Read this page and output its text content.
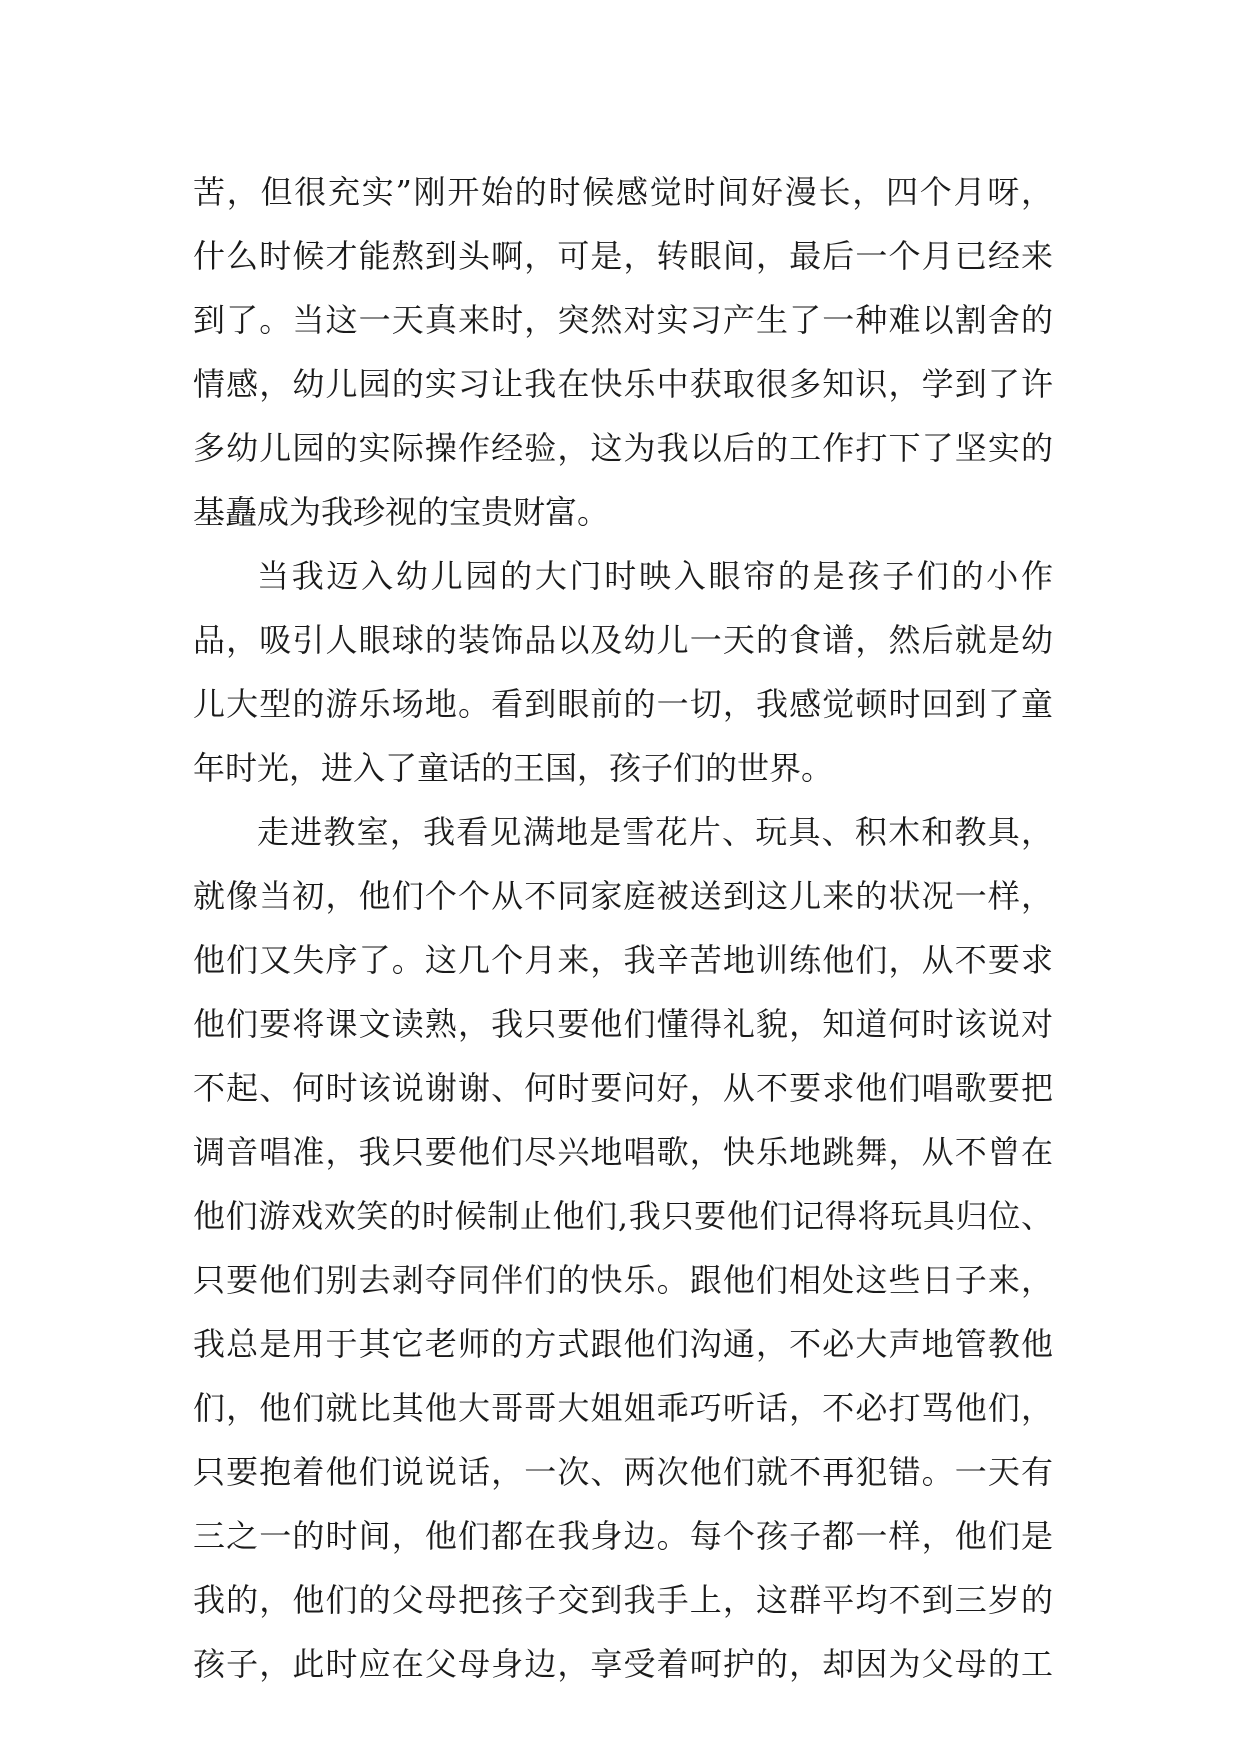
苦，但很充实”刚开始的时候感觉时间好漫长，四个月呀，
什么时候才能熬到头啊，可是，转眼间，最后一个月已经来
到了。当这一天真来时，突然对实习产生了一种难以割舍的
情感，幼儿园的实习让我在快乐中获取很多知识，学到了许
多幼儿园的实际操作经验，这为我以后的工作打下了坚实的
基矗成为我珍视的宝贵财富。
当我迈入幼儿园的大门时映入眼帘的是孩子们的小作
品，吸引人眼球的装饰品以及幼儿一天的食谱，然后就是幼
儿大型的游乐场地。看到眼前的一切，我感觉顿时回到了童
年时光，进入了童话的王国，孩子们的世界。
走进教室，我看见满地是雪花片、玩具、积木和教具，
就像当初，他们个个从不同家庭被送到这儿来的状况一样，
他们又失序了。这几个月来，我辛苦地训练他们，从不要求
他们要将课文读熟，我只要他们懂得礼貌，知道何时该说对
不起、何时该说谢谢、何时要问好，从不要求他们唱歌要把
调音唱准，我只要他们尽兴地唱歌，快乐地跳舞，从不曾在
他们游戏欢笑的时候制止他们,我只要他们记得将玩具归位、
只要他们别去剥夺同伴们的快乐。跟他们相处这些日子来，
我总是用于其它老师的方式跟他们沟通，不必大声地管教他
们，他们就比其他大哥哥大姐姐乖巧听话，不必打骂他们，
只要抱着他们说说话，一次、两次他们就不再犯错。一天有
三之一的时间，他们都在我身边。每个孩子都一样，他们是
我的，他们的父母把孩子交到我手上，这群平均不到三岁的
孩子，此时应在父母身边，享受着呵护的，却因为父母的工
